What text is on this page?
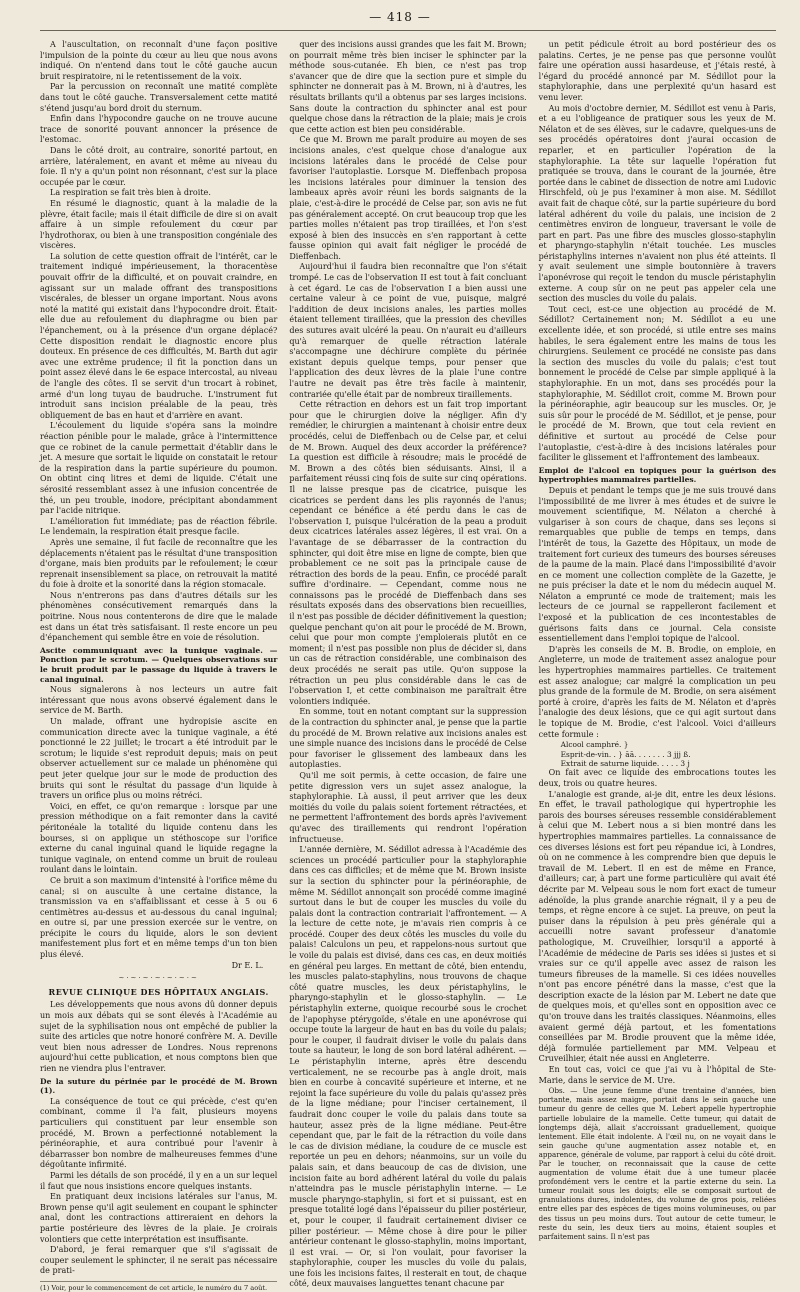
— 418 —

A l'auscultation, on reconnaît d'une façon positive l'impulsion de la pointe du cœur au lieu que nous avons indiqué. On n'entend dans tout le côté gauche aucun bruit respiratoire, ni le retentissement de la voix.

Par la percussion on reconnaît une matité complète dans tout le côté gauche. Transversalement cette matité s'étend jusqu'au bord droit du sternum.

Enfin dans l'hypocondre gauche on ne trouve aucune trace de sonorité pouvant annoncer la présence de l'estomac.

Dans le côté droit, au contraire, sonorité partout, en arrière, latéralement, en avant et même au niveau du foie. Il n'y a qu'un point non résonnant, c'est sur la place occupée par le cœur.

La respiration se fait très bien à droite.

En résumé le diagnostic, quant à la maladie de la plèvre, était facile; mais il était difficile de dire si on avait affaire à un simple refoulement du cœur par l'hydrothorax, ou bien à une transposition congéniale des viscères.

La solution de cette question offrait de l'intérêt, car le traitement indiqué impérieusement, la thoracentèse pouvait offrir de la difficulté, et on pouvait craindre, en agissant sur un malade offrant des transpositions viscérales, de blesser un organe important. Nous avons noté la matité qui existait dans l'hypocondre droit. Était-elle due au refoulement du diaphragme ou bien par l'épanchement, ou à la présence d'un organe déplacé? Cette disposition rendait le diagnostic encore plus douteux. En présence de ces difficultés, M. Barth dut agir avec une extrême prudence; il fit la ponction dans un point assez élevé dans le 6e espace intercostal, au niveau de l'angle des côtes. Il se servit d'un trocart à robinet, armé d'un long tuyau de baudruche. L'instrument fut introduit sans incision préalable de la peau, très obliquement de bas en haut et d'arrière en avant.

L'écoulement du liquide s'opéra sans la moindre réaction pénible pour le malade, grâce à l'intermittence que ce robinet de la canule permettait d'établir dans le jet. A mesure que sortait le liquide on constatait le retour de la respiration dans la partie supérieure du poumon. On obtint cinq litres et demi de liquide. C'était une sérosité ressemblant assez à une infusion concentrée de thé, un peu trouble, inodore, précipitant abondamment par l'acide nitrique.

L'amélioration fut immédiate; pas de réaction fébrile. Le lendemain, la respiration était presque facile.

Après une semaine, il fut facile de reconnaître que les déplacements n'étaient pas le résultat d'une transposition d'organe, mais bien produits par le refoulement; le cœur reprenait insensiblement sa place, on retrouvait la matité du foie à droite et la sonorité dans la région stomacale.

Nous n'entrerons pas dans d'autres détails sur les phénomènes consécutivement remarqués dans la poitrine. Nous nous contenterons de dire que le malade est dans un état très satisfaisant. Il reste encore un peu d'épanchement qui semble être en voie de résolution.

Ascite communiquant avec la tunique vaginale. — Ponction par le scrotum. — Quelques observations sur le bruit produit par le passage du liquide à travers le canal inguinal.

Nous signalerons à nos lecteurs un autre fait intéressant que nous avons observé également dans le service de M. Barth.

Un malade, offrant une hydropisie ascite en communication directe avec la tunique vaginale, a été ponctionné le 22 juillet; le trocart a été introduit par le scrotum; le liquide s'est reproduit depuis; mais on peut observer actuellement sur ce malade un phénomène qui peut jeter quelque jour sur le mode de production des bruits qui sont le résultat du passage d'un liquide à travers un orifice plus ou moins rétréci.

Voici, en effet, ce qu'on remarque : lorsque par une pression méthodique on a fait remonter dans la cavité péritonéale la totalité du liquide contenu dans les bourses, si on applique un stéthoscope sur l'orifice externe du canal inguinal quand le liquide regagne la tunique vaginale, on entend comme un bruit de rouleau roulant dans le lointain.

Ce bruit a son maximum d'intensité à l'orifice même du canal; si on ausculte à une certaine distance, la transmission va en s'affaiblissant et cesse à 5 ou 6 centimètres au-dessus et au-dessous du canal inguinal; en outre si, par une pression exercée sur le ventre, on précipite le cours du liquide, alors le son devient manifestement plus fort et en même temps d'un ton bien plus élevé.

Dr E. L.

~·~·~·~·~·~·~

REVUE CLINIQUE DES HÔPITAUX ANGLAIS.

Les développements que nous avons dû donner depuis un mois aux débats qui se sont élevés à l'Académie au sujet de la syphilisation nous ont empêché de publier la suite des articles que notre honoré confrère M. A. Deville veut bien nous adresser de Londres. Nous reprenons aujourd'hui cette publication, et nous comptons bien que rien ne viendra plus l'entraver.

De la suture du périnée par le procédé de M. Brown (1).

La conséquence de tout ce qui précède, c'est qu'en combinant, comme il l'a fait, plusieurs moyens particuliers qui constituent par leur ensemble son procédé, M. Brown a perfectionné notablement la périnéoraphie, et aura contribué pour l'avenir à débarrasser bon nombre de malheureuses femmes d'une dégoûtante infirmité.

Parmi les détails de son procédé, il y en a un sur lequel il faut que nous insistions encore quelques instants.

En pratiquant deux incisions latérales sur l'anus, M. Brown pense qu'il agit seulement en coupant le sphincter anal, dont les contractions attireraient en dehors la partie postérieure des lèvres de la plaie. Je croirais volontiers que cette interprétation est insuffisante.

D'abord, je ferai remarquer que s'il s'agissait de couper seulement le sphincter, il ne serait pas nécessaire de prati-

(1) Voir, pour le commencement de cet article, le numéro du 7 août.

quer des incisions aussi grandes que les fait M. Brown; on pourrait même très bien inciser le sphincter par la méthode sous-cutanée. Eh bien, ce n'est pas trop s'avancer que de dire que la section pure et simple du sphincter ne donnerait pas à M. Brown, ni à d'autres, les résultats brillants qu'il a obtenus par ses larges incisions. Sans doute la contraction du sphincter anal est pour quelque chose dans la rétraction de la plaie; mais je crois que cette action est bien peu considérable.

Ce que M. Brown me paraît produire au moyen de ses incisions anales, c'est quelque chose d'analogue aux incisions latérales dans le procédé de Celse pour favoriser l'autoplastie. Lorsque M. Dieffenbach proposa les incisions latérales pour diminuer la tension des lambeaux après avoir réuni les bords saignants de la plaie, c'est-à-dire le procédé de Celse par, son avis ne fut pas généralement accepté. On crut beaucoup trop que les parties molles n'étaient pas trop tiraillées, et l'on s'est exposé à bien des insuccès en s'en rapportant à cette fausse opinion qui avait fait négliger le procédé de Dieffenbach.

Aujourd'hui il faudra bien reconnaître que l'on s'était trompé. Le cas de l'observation II est tout à fait concluant à cet égard. Le cas de l'observation I a bien aussi une certaine valeur à ce point de vue, puisque, malgré l'addition de deux incisions anales, les parties molles étaient tellement tiraillées, que la pression des chevilles des sutures avait ulcéré la peau. On n'aurait eu d'ailleurs qu'à remarquer de quelle rétraction latérale s'accompagne une déchirure complète du périnée existant depuis quelque temps, pour penser que l'application des deux lèvres de la plaie l'une contre l'autre ne devait pas être très facile à maintenir, contrariée qu'elle était par de nombreux tiraillements.

Cette rétraction en dehors est un fait trop important pour que le chirurgien doive la négliger. Afin d'y remédier, le chirurgien a maintenant à choisir entre deux procédés, celui de Dieffenbach ou de Celse par, et celui de M. Brown. Auquel des deux accorder la préférence? La question est difficile à résoudre; mais le procédé de M. Brown a des côtés bien séduisants. Ainsi, il a parfaitement réussi cinq fois de suite sur cinq opérations. Il ne laisse presque pas de cicatrice, puisque les cicatrices se perdent dans les plis rayonnés de l'anus; cependant ce bénéfice a été perdu dans le cas de l'observation I, puisque l'ulcération de la peau a produit deux cicatrices latérales assez légères, il est vrai. On a l'avantage de se débarrasser de la contraction du sphincter, qui doit être mise en ligne de compte, bien que probablement ce ne soit pas la principale cause de rétraction des bords de la peau. Enfin, ce procédé paraît suffire d'ordinaire. — Cependant, comme nous ne connaissons pas le procédé de Dieffenbach dans ses résultats exposés dans des observations bien recueillies, il n'est pas possible de décider définitivement la question; quelque penchant qu'on ait pour le procédé de M. Brown, celui que pour mon compte j'emploierais plutôt en ce moment; il n'est pas possible non plus de décider si, dans un cas de rétraction considérable, une combinaison des deux procédés ne serait pas utile. Qu'on suppose la rétraction un peu plus considérable dans le cas de l'observation I, et cette combinaison me paraîtrait être volontiers indiquée.

En somme, tout en notant comptant sur la suppression de la contraction du sphincter anal, je pense que la partie du procédé de M. Brown relative aux incisions anales est une simple nuance des incisions dans le procédé de Celse pour favoriser le glissement des lambeaux dans les autoplasties.

Qu'il me soit permis, à cette occasion, de faire une petite digression vers un sujet assez analogue, la staphyloraphie. Là aussi, il peut arriver que les deux moitiés du voile du palais soient fortement rétractées, et ne permettent l'affrontement des bords après l'avivement qu'avec des tiraillements qui rendront l'opération infructueuse.

L'année dernière, M. Sédillot adressa à l'Académie des sciences un procédé particulier pour la staphyloraphie dans ces cas difficiles; et de même que M. Brown insiste sur la section du sphincter pour la périnéoraphie, de même M. Sédillot annonçait son procédé comme imaginé surtout dans le but de couper les muscles du voile du palais dont la contraction contrariait l'affrontement. — A la lecture de cette note, je m'avais rien compris à ce procédé. Couper des deux côtés les muscles du voile du palais! Calculons un peu, et rappelons-nous surtout que le voile du palais est divisé, dans ces cas, en deux moitiés en général peu larges. En mettant de côté, bien entendu, les muscles palato-staphylins, nous trouvons de chaque côté quatre muscles, les deux péristaphylins, le pharyngo-staphylin et le glosso-staphylin. — Le péristaphylin externe, quoique recourbé sous le crochet de l'apophyse ptérygoïde, s'étale en une aponévrose qui occupe toute la largeur de haut en bas du voile du palais; pour le couper, il faudrait diviser le voile du palais dans toute sa hauteur, le long de son bord latéral adhérent. — Le péristaphylin interne, après être descendu verticalement, ne se recourbe pas à angle droit, mais bien en courbe à concavité supérieure et interne, et ne rejoint la face supérieure du voile du palais qu'assez près de la ligne médiane; pour l'inciser certainement, il faudrait donc couper le voile du palais dans toute sa hauteur, assez près de la ligne médiane. Peut-être cependant que, par le fait de la rétraction du voile dans le cas de division médiane, la coudure de ce muscle est reportée un peu en dehors; néanmoins, sur un voile du palais sain, et dans beaucoup de cas de division, une incision faite au bord adhérent latéral du voile du palais n'atteindra pas le muscle péristaphylin interne. — Le muscle pharyngo-staphylin, si fort et si puissant, est en presque totalité logé dans l'épaisseur du pilier postérieur, et, pour le couper, il faudrait certainement diviser ce pilier postérieur. — Même chose à dire pour le pilier antérieur contenant le glosso-staphylin, moins important, il est vrai. — Or, si l'on voulait, pour favoriser la staphyloraphie, couper les muscles du voile du palais, une fois les incisions faites, il resterait en tout, de chaque côté, deux mauvaises languettes tenant chacune par

un petit pédicule étroit au bord postérieur des os palatins. Certes, je ne pense pas que personne voulût faire une opération aussi hasardeuse, et j'étais resté, à l'égard du procédé annoncé par M. Sédillot pour la staphyloraphie, dans une perplexité qu'un hasard est venu lever.

Au mois d'octobre dernier, M. Sédillot est venu à Paris, et a eu l'obligeance de pratiquer sous les yeux de M. Nélaton et de ses élèves, sur le cadavre, quelques-uns de ses procédés opératoires dont j'aurai occasion de reparler, et en particulier l'opération de la staphyloraphie. La tête sur laquelle l'opération fut pratiquée se trouva, dans le courant de la journée, être portée dans le cabinet de dissection de notre ami Ludovic Hirschfeld, où je pus l'examiner à mon aise. M. Sédillot avait fait de chaque côté, sur la partie supérieure du bord latéral adhérent du voile du palais, une incision de 2 centimètres environ de longueur, traversant le voile de part en part. Pas une fibre des muscles glosso-staphylin et pharyngo-staphylin n'était touchée. Les muscles péristaphylins internes n'avaient non plus été atteints. Il y avait seulement une simple boutonnière à travers l'aponévrose qui reçoit le tendon du muscle péristaphylin externe. A coup sûr on ne peut pas appeler cela une section des muscles du voile du palais.

Tout ceci, est-ce une objection au procédé de M. Sédillot? Certainement non; M. Sédillot a eu une excellente idée, et son procédé, si utile entre ses mains habiles, le sera également entre les mains de tous les chirurgiens. Seulement ce procédé ne consiste pas dans la section des muscles du voile du palais; c'est tout bonnement le procédé de Celse par simple appliqué à la staphyloraphie. En un mot, dans ses procédés pour la staphyloraphie, M. Sédillot croit, comme M. Brown pour la périnéoraphie, agir beaucoup sur les muscles. Or, je suis sûr pour le procédé de M. Sédillot, et je pense, pour le procédé de M. Brown, que tout cela revient en définitive et surtout au procédé de Celse pour l'autoplastie, c'est-à-dire à des incisions latérales pour faciliter le glissement et l'affrontement des lambeaux.

Emploi de l'alcool en topiques pour la guérison des hypertrophies mammaires partielles.

Depuis et pendant le temps que je me suis trouvé dans l'impossibilité de me livrer à mes études et de suivre le mouvement scientifique, M. Nélaton a cherché à vulgariser à son cours de chaque, dans ses leçons si remarquables que publie de temps en temps, dans l'intérêt de tous, la Gazette des Hôpitaux, un mode de traitement fort curieux des tumeurs des bourses séreuses de la paume de la main. Placé dans l'impossibilité d'avoir en ce moment une collection complète de la Gazette, je ne puis préciser la date et le nom du médecin auquel M. Nélaton a emprunté ce mode de traitement; mais les lecteurs de ce journal se rappelleront facilement et l'exposé et la publication de ces incontestables de guérisons faits dans ce journal. Cela consiste essentiellement dans l'emploi topique de l'alcool.

D'après les conseils de M. B. Brodie, on emploie, en Angleterre, un mode de traitement assez analogue pour les hypertrophies mammaires partielles. Ce traitement est assez analogue; car malgré la complication un peu plus grande de la formule de M. Brodie, on sera aisément porté à croire, d'après les faits de M. Nélaton et d'après l'analogie des deux lésions, que ce qui agit surtout dans le topique de M. Brodie, c'est l'alcool. Voici d'ailleurs cette formule :

Alcool camphré. }

Esprit-de-vin. . } āā. . . . . . . 3 jjj ß.

Extrait de saturne liquide. . . . . 3 j

On fait avec ce liquide des embrocations toutes les deux, trois ou quatre heures.

L'analogie est grande, ai-je dit, entre les deux lésions. En effet, le travail pathologique qui hypertrophie les parois des bourses séreuses ressemble considérablement à celui que M. Lebert nous a si bien montré dans les hypertrophies mammaires partielles. La connaissance de ces diverses lésions est fort peu répandue ici, à Londres, où on ne commence à les comprendre bien que depuis le travail de M. Lebert. Il en est de même en France, d'ailleurs; car, à part une forme particulière qui avait été décrite par M. Velpeau sous le nom fort exact de tumeur adénoïde, la plus grande anarchie régnait, il y a peu de temps, et règne encore à ce sujet. La preuve, on peut la puiser dans la répulsion à peu près générale qui a accueilli notre savant professeur d'anatomie pathologique, M. Cruveilhier, lorsqu'il a apporté à l'Académie de médecine de Paris ses idées si justes et si vraies sur ce qu'il appelle avec assez de raison les tumeurs fibreuses de la mamelle. Si ces idées nouvelles n'ont pas encore pénétré dans la masse, c'est que la description exacte de la lésion par M. Lebert ne date que de quelques mois, et qu'elles sont en opposition avec ce qu'on trouve dans les traités classiques. Néanmoins, elles avaient germé déjà partout, et les fomentations conseillées par M. Brodie prouvent que la même idée, déjà formulée partiellement par MM. Velpeau et Cruveilhier, était née aussi en Angleterre.

En tout cas, voici ce que j'ai vu à l'hôpital de Ste-Marie, dans le service de M. Ure.

Obs. — Une jeune femme d'une trentaine d'années, bien portante, mais assez maigre, portait dans le sein gauche une tumeur du genre de celles que M. Lebert appelle hypertrophie partielle lobulaire de la mamelle. Cette tumeur, qui datait de longtemps déjà, allait s'accroissant graduellement, quoique lentement. Elle était indolente. A l'œil nu, on ne voyait dans le sein gauche qu'une augmentation assez notable et, en apparence, générale de volume, par rapport à celui du côté droit. Par le toucher, on reconnaissait que la cause de cette augmentation de volume était due à une tumeur placée profondément vers le centre et la partie externe du sein. La tumeur roulait sous les doigts; elle se composait surtout de granulations dures, indolentes, du volume de gros pois, reliées entre elles par des espèces de tiges moins volumineuses, ou par des tissus un peu moins durs. Tout autour de cette tumeur, le reste du sein, les deux tiers au moins, étaient souples et parfaitement sains. Il n'est pas
